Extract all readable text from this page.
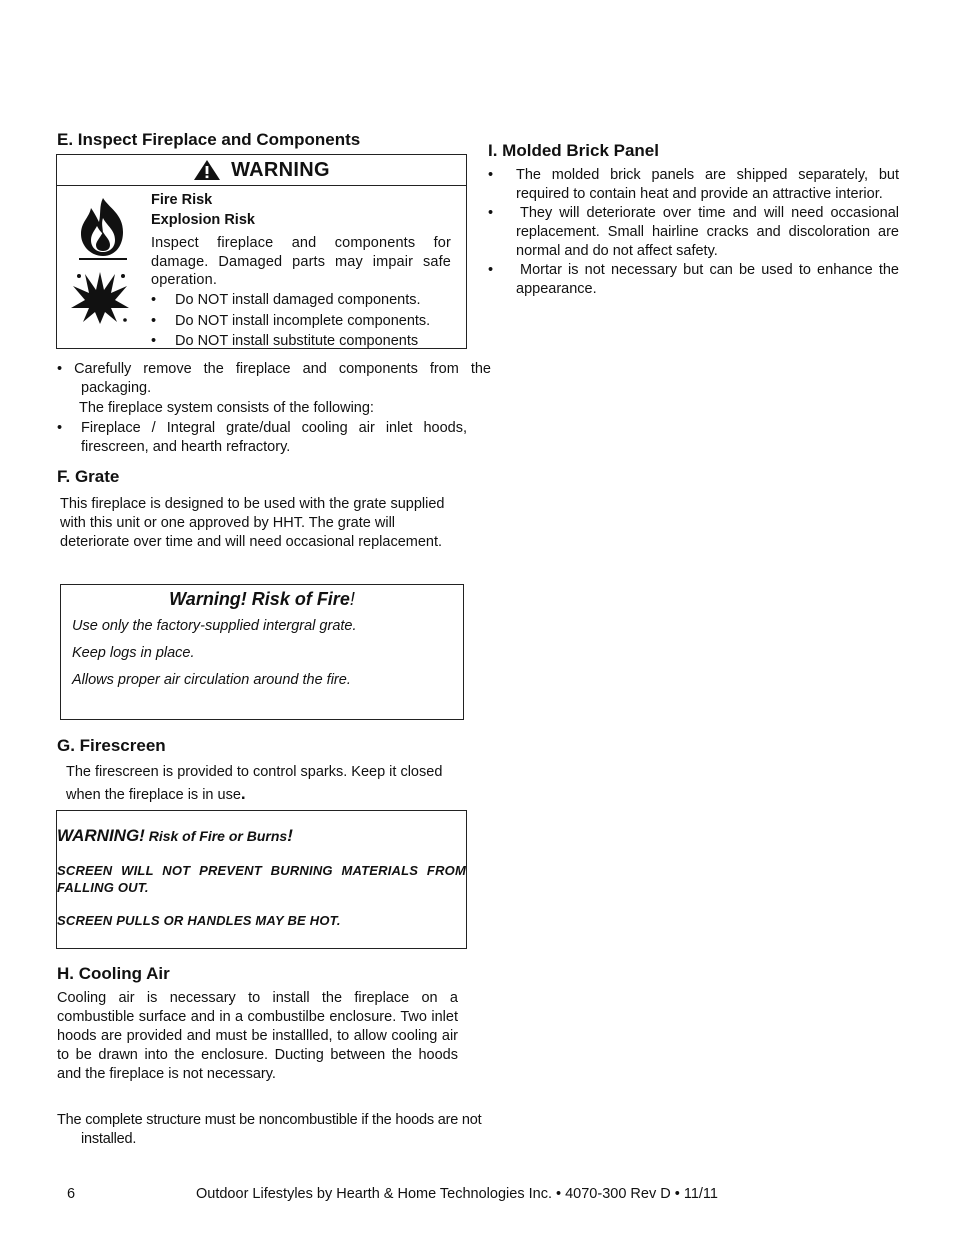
E. Inspect Fireplace and Components
WARNING

Fire Risk

Explosion Risk

Inspect fireplace and components for damage. Damaged parts may impair safe operation.

•	Do NOT install damaged components.
•	Do NOT install incomplete components.
•	Do NOT install substitute components

• Carefully remove the fireplace and components from the packaging.

The fireplace system consists of the following:

•	Fireplace / Integral grate/dual cooling air inlet hoods, firescreen, and hearth refractory.
F. Grate

This fireplace is designed to be used with the grate supplied with this unit or one approved by HHT. The grate will deteriorate over time and will need occasional replacement.

Warning! Risk of Fire!

Use only the factory-supplied intergral grate.

Keep logs in place.

Allows proper air circulation around the fire.

G. Firescreen

The firescreen is provided to control sparks. Keep it closed when the fireplace is in use.

WARNING! Risk of Fire or Burns!

SCREEN WILL NOT PREVENT BURNING MATERIALS FROM FALLING OUT.

SCREEN PULLS OR HANDLES MAY BE HOT.

H. Cooling Air

Cooling air is necessary to install the fireplace on a combustible surface and in a combustilbe enclosure. Two inlet hoods are provided and must be installled, to allow cooling air to be drawn into the enclosure. Ducting between the hoods and the fireplace is not necessary.

The complete structure must be noncombustible if the hoods are not installed.

I. Molded Brick Panel
•	The molded brick panels are shipped separately, but required to contain heat and provide an attractive interior.
•	They will deteriorate over time and will need occasional replacement. Small hairline cracks and discoloration are normal and do not affect safety.
•	Mortar is not necessary but can be used to enhance the appearance.

6	Outdoor Lifestyles by Hearth & Home Technologies Inc. • 4070-300 Rev D • 11/11
